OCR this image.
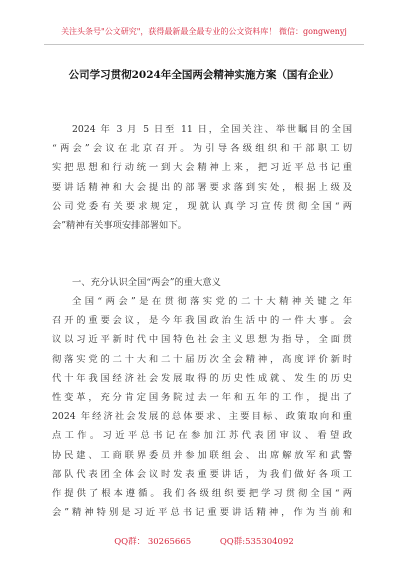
关注头条号"公文研究"，获得最新最全最专业的公文资料库！ 微信：gongwenyj
公司学习贯彻2024年全国两会精神实施方案（国有企业）
2024 年 3 月 5 日至 11 日，全国关注、举世瞩目的全国
“两会”会议在北京召开。为引导各级组织和干部职工切
实把思想和行动统一到大会精神上来，把习近平总书记重
要讲话精神和大会提出的部署要求落到实处，根据上级及
公司党委有关要求规定，现就认真学习宣传贯彻全国“两
会”精神有关事项安排部署如下。
一、充分认识全国“两会”的重大意义
全国“两会”是在贯彻落实党的二十大精神关键之年
召开的重要会议，是今年我国政治生活中的一件大事。会
议以习近平新时代中国特色社会主义思想为指导，全面贯
彻落实党的二十大和二十届历次全会精神，高度评价新时
代十年我国经济社会发展取得的历史性成就、发生的历史
性变革，充分肯定国务院过去一年和五年的工作，提出了
2024 年经济社会发展的总体要求、主要目标、政策取向和重
点工作。习近平总书记在参加江苏代表团审议、看望政
协民建、工商联界委员并参加联组会、出席解放军和武警
部队代表团全体会议时发表重要讲话，为我们做好各项工
作提供了根本遵循。我们各级组织要把学习贯彻全国“两
会”精神特别是习近平总书记重要讲话精神，作为当前和
QQ群： 30265665	QQ群:535304092
